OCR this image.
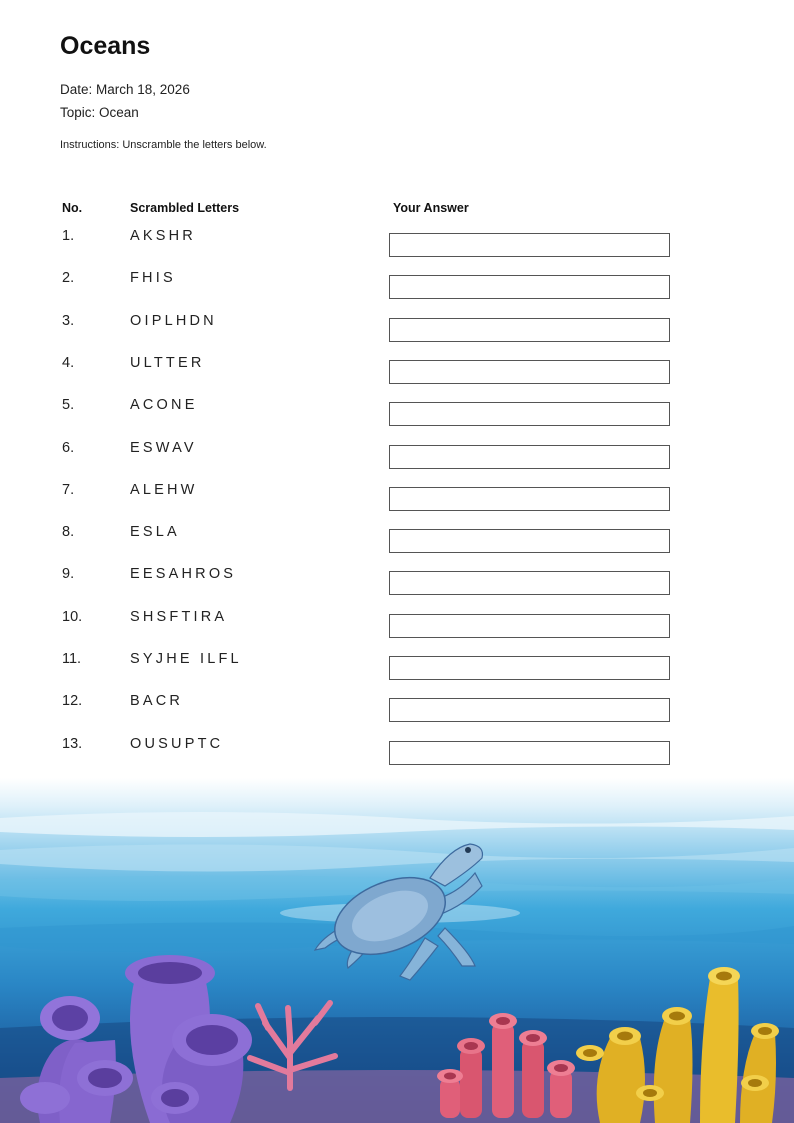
Oceans
Date: March 18, 2026
Topic: Ocean
Instructions: Unscramble the letters below.
No.	Scrambled Letters	Your Answer
1.	AKSHR
2.	FHIS
3.	OIPLHDN
4.	ULTTER
5.	ACONE
6.	ESWAV
7.	ALEHW
8.	ESLA
9.	EESAHROS
10.	SHSFTIRA
11.	SYJHE ILFL
12.	BACR
13.	OUSUPTC
